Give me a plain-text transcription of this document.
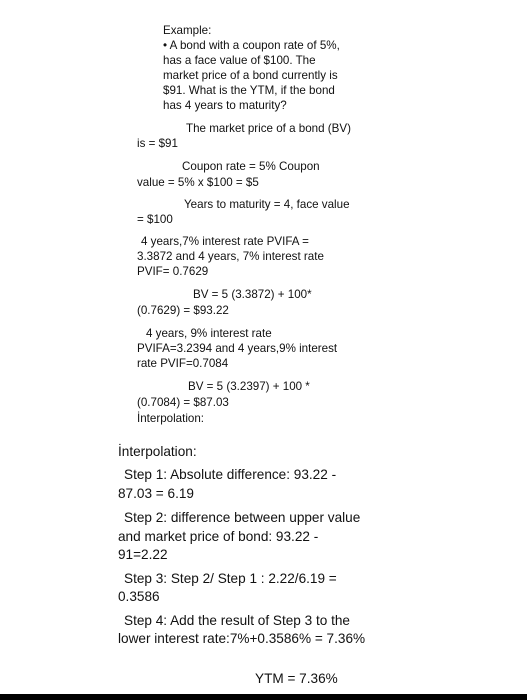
Example:
• A bond with a coupon rate of 5%,
has a face value of $100. The
market price of a bond currently is
$91. What is the YTM, if the bond
has 4 years to maturity?
The market price of a bond (BV)
is = $91
Coupon rate = 5% Coupon
value = 5% x $100 = $5
Years to maturity = 4, face value
= $100
4 years,7% interest rate PVIFA =
3.3872 and 4 years, 7% interest rate
PVIF= 0.7629
BV = 5 (3.3872) + 100*
(0.7629) = $93.22
4 years, 9% interest rate
PVIFA=3.2394 and 4 years,9% interest
rate PVIF=0.7084
BV = 5 (3.2397) + 100 *
(0.7084) = $87.03
İnterpolation:
İnterpolation:
Step 1: Absolute difference: 93.22 -
87.03 = 6.19
Step 2: difference between upper value
and market price of bond: 93.22 -
91=2.22
Step 3: Step 2/ Step 1 : 2.22/6.19 =
0.3586
Step 4: Add the result of Step 3 to the
lower interest rate:7%+0.3586% = 7.36%
YTM = 7.36%
